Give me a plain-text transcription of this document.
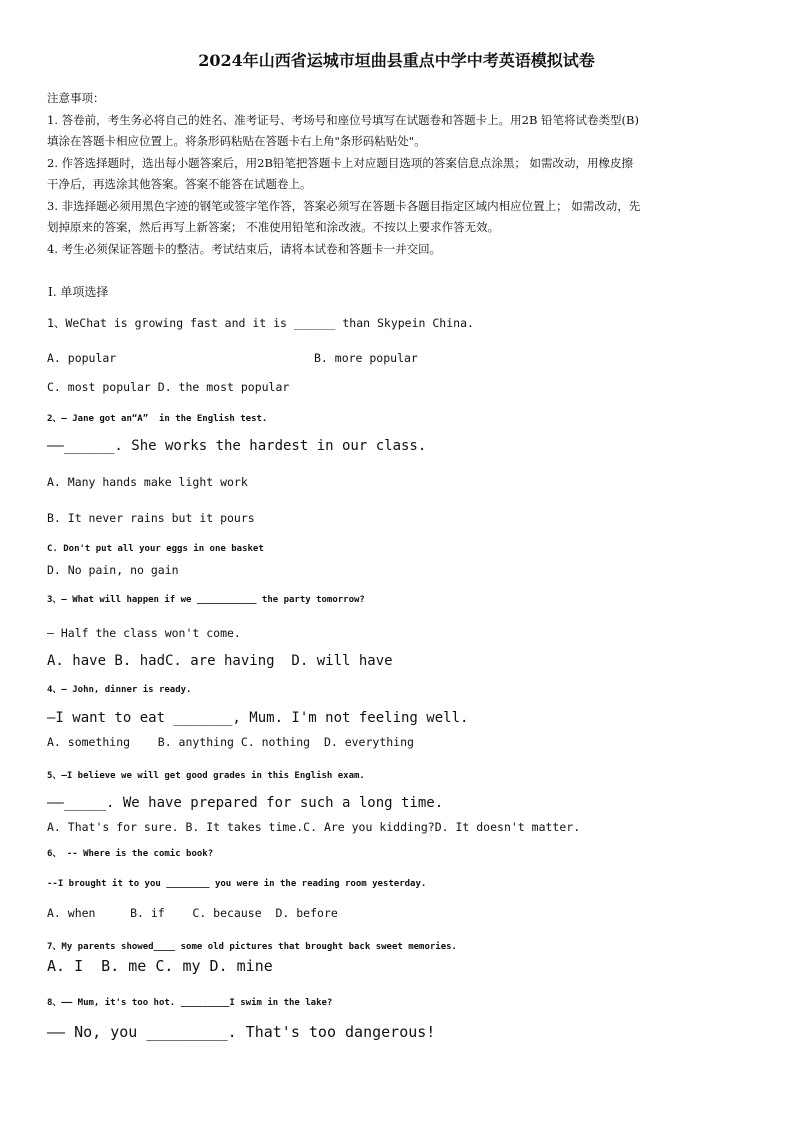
2024年山西省运城市垣曲县重点中学中考英语模拟试卷
注意事项：
1. 答卷前，考生务必将自己的姓名、准考证号、考场号和座位号填写在试题卷和答题卡上。用2B 铅笔将试卷类型(B)
填涂在答题卡相应位置上。将条形码粘贴在答题卡右上角"条形码粘贴处"。
2. 作答选择题时，选出每小题答案后，用2B铅笔把答题卡上对应题目选项的答案信息点涂黑； 如需改动，用橡皮擦
干净后，再选涂其他答案。答案不能答在试题卷上。
3. 非选择题必须用黑色字迹的钢笔或签字笔作答，答案必须写在答题卡各题目指定区域内相应位置上； 如需改动，先
划掉原来的答案，然后再写上新答案； 不准使用铅笔和涂改液。不按以上要求作答无效。
4. 考生必须保证答题卡的整洁。考试结束后，请将本试卷和答题卡一并交回。
Ⅰ. 单项选择
1、WeChat is growing fast and it is ______ than Skypein China.
A. popular	B. more popular
C. most popular D. the most popular
2、— Jane got an“A”  in the English test.
——______. She works the hardest in our class.
A. Many hands make light work
B. It never rains but it pours
C. Don't put all your eggs in one basket
D. No pain, no gain
3、— What will happen if we ___________ the party tomorrow?
— Half the class won't come.
A. have B. hadC. are having  D. will have
4、— John, dinner is ready.
—I want to eat _______, Mum. I'm not feeling well.
A. something    B. anything C. nothing  D. everything
5、—I believe we will get good grades in this English exam.
——_____. We have prepared for such a long time.
A. That's for sure. B. It takes time.C. Are you kidding?D. It doesn't matter.
6、 -- Where is the comic book?
--I brought it to you ________ you were in the reading room yesterday.
A. when     B. if    C. because  D. before
7、My parents showed____ some old pictures that brought back sweet memories.
A. I  B. me C. my D. mine
8、—— Mum, it's too hot. _________I swim in the lake?
—— No, you _________. That's too dangerous!
